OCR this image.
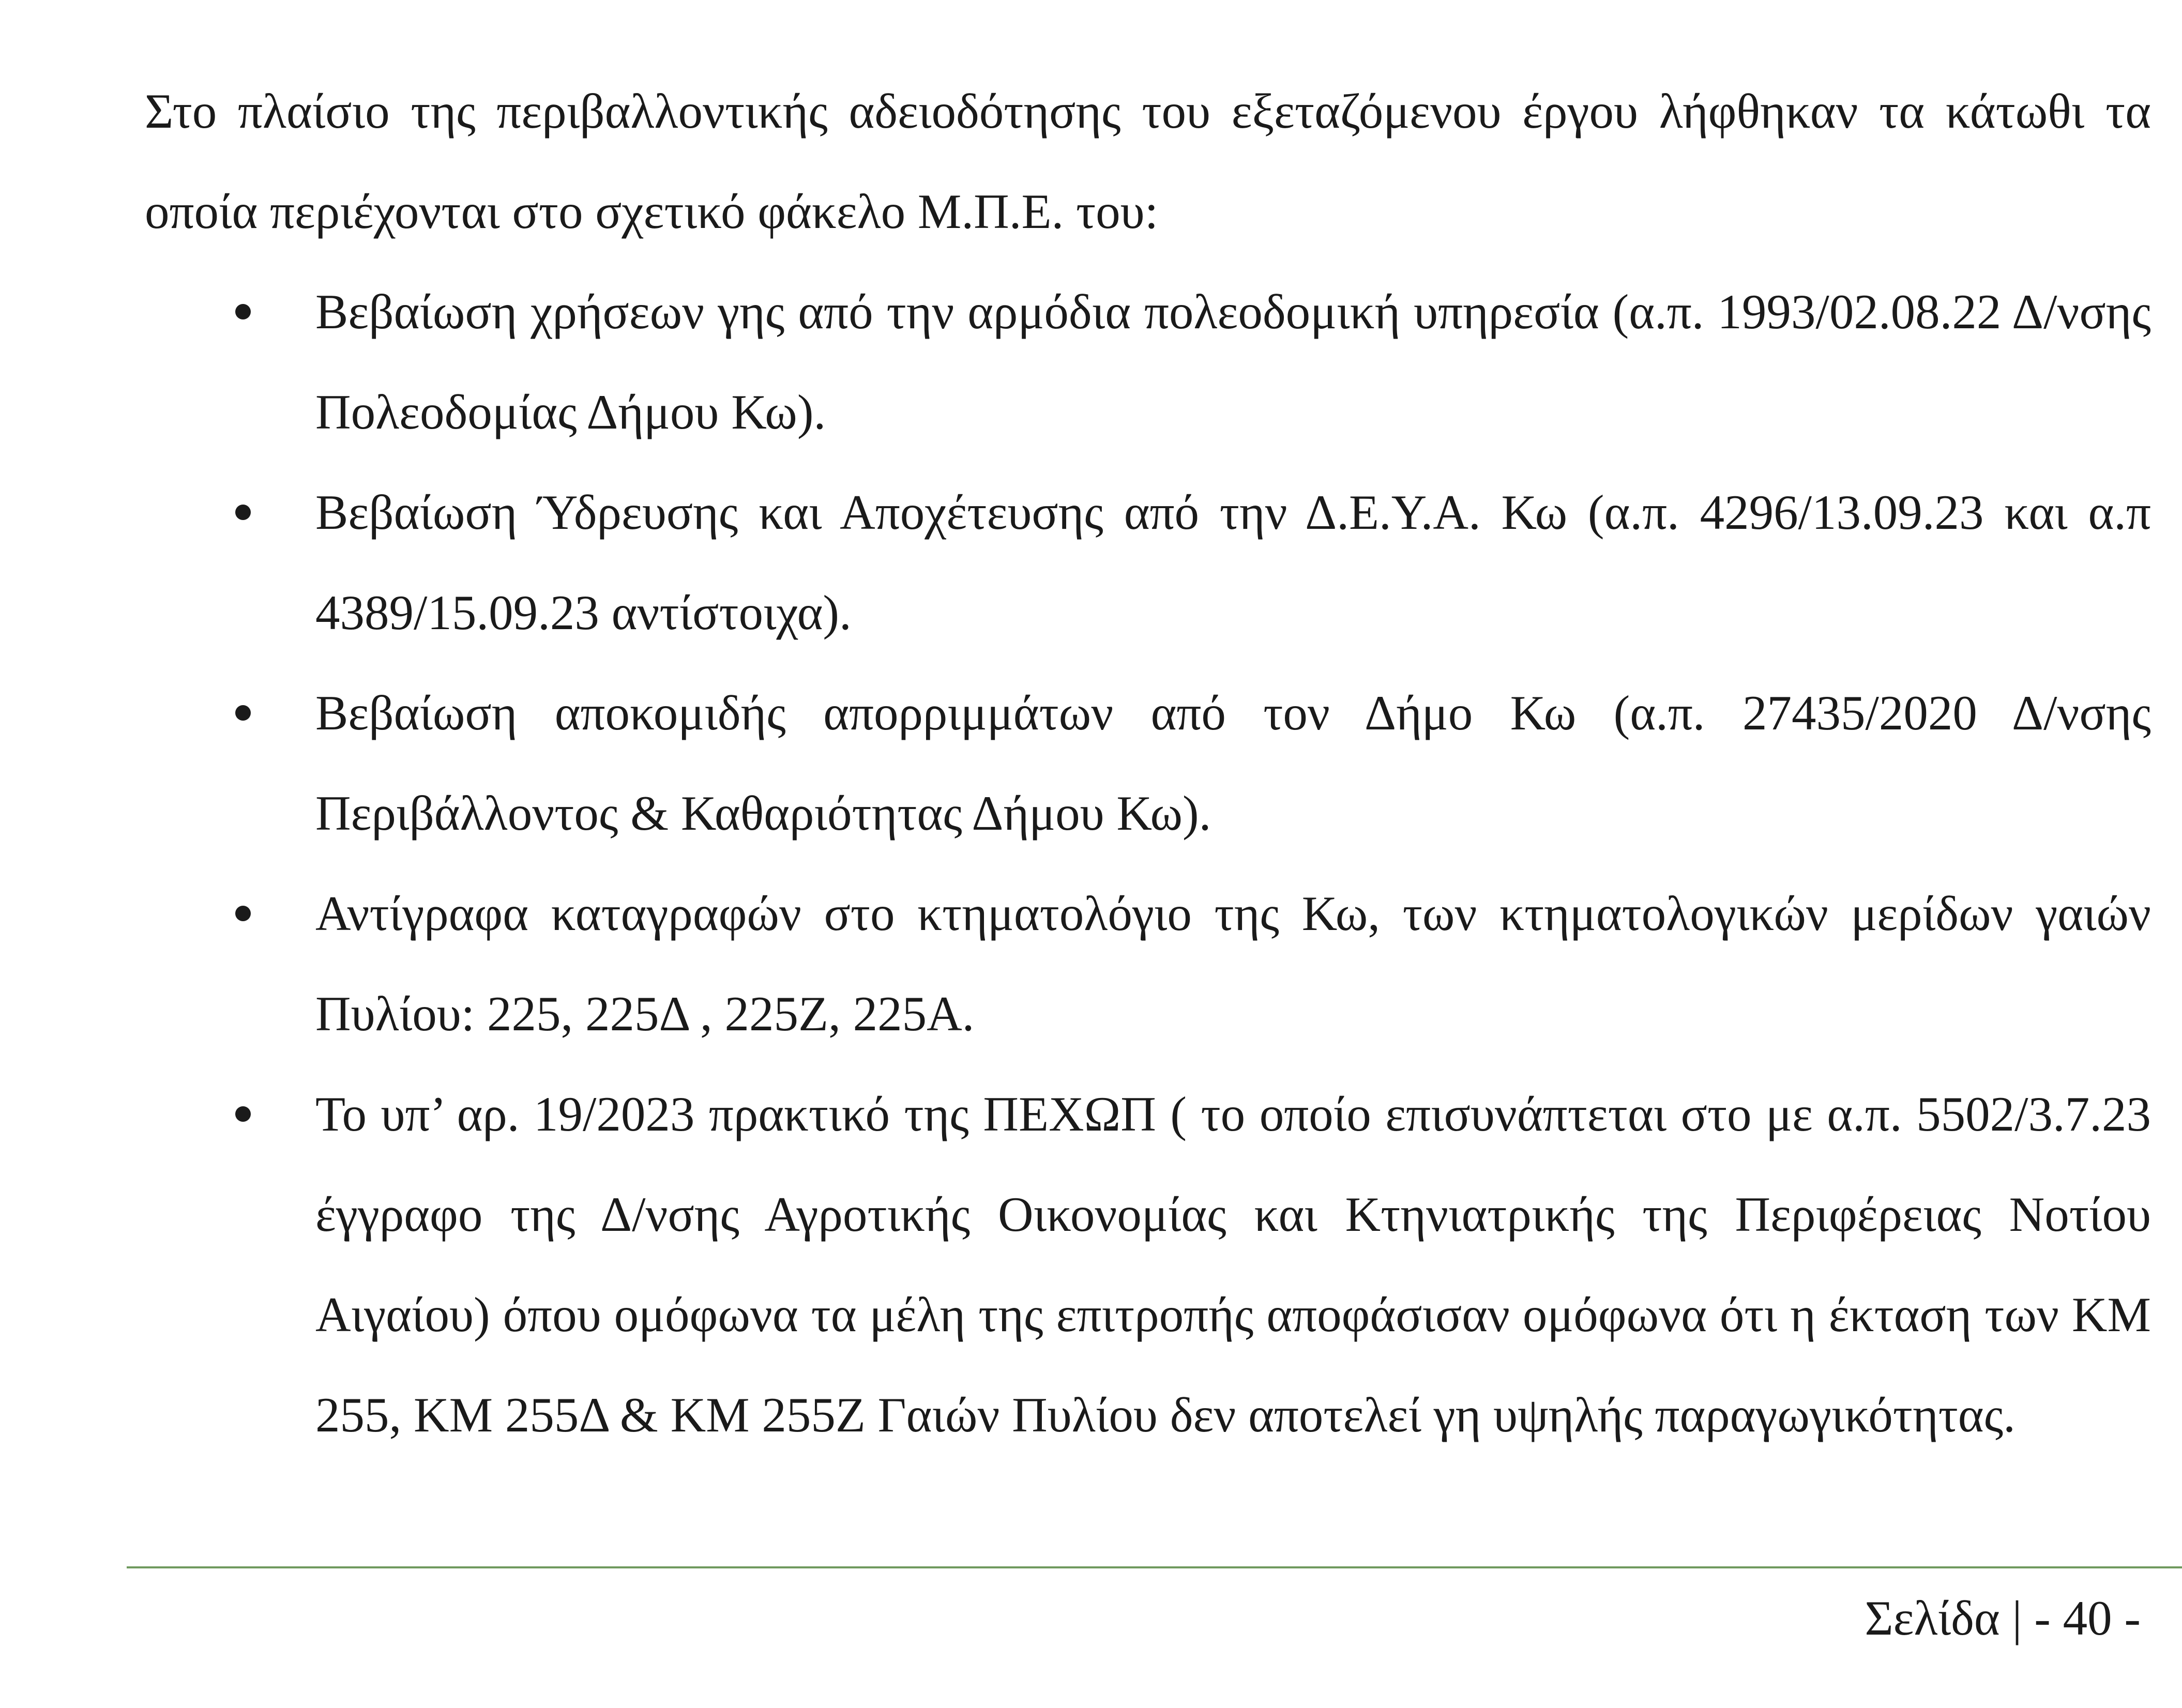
Στο πλαίσιο της περιβαλλοντικής αδειοδότησης του εξεταζόμενου έργου λήφθηκαν τα κάτωθι τα οποία περιέχονται στο σχετικό φάκελο Μ.Π.Ε. του:

Βεβαίωση χρήσεων γης από την αρμόδια πολεοδομική υπηρεσία (α.π. 1993/02.08.22 Δ/νσης Πολεοδομίας Δήμου Κω).
Βεβαίωση Ύδρευσης και Αποχέτευσης από την Δ.Ε.Υ.Α. Κω (α.π. 4296/13.09.23 και α.π 4389/15.09.23 αντίστοιχα).
Βεβαίωση αποκομιδής απορριμμάτων από τον Δήμο Κω (α.π. 27435/2020 Δ/νσης Περιβάλλοντος & Καθαριότητας Δήμου Κω).
Αντίγραφα καταγραφών στο κτηματολόγιο της Κω, των κτηματολογικών μερίδων γαιών Πυλίου: 225, 225Δ , 225Ζ, 225Α.
Το υπ’ αρ. 19/2023 πρακτικό της ΠΕΧΩΠ ( το οποίο επισυνάπτεται στο με α.π. 5502/3.7.23 έγγραφο της Δ/νσης Αγροτικής Οικονομίας και Κτηνιατρικής της Περιφέρειας Νοτίου Αιγαίου) όπου ομόφωνα τα μέλη της επιτροπής αποφάσισαν ομόφωνα ότι η έκταση των ΚΜ 255, ΚΜ 255Δ & ΚΜ 255Ζ Γαιών Πυλίου δεν αποτελεί γη υψηλής παραγωγικότητας.
Σελίδα | - 40 -
